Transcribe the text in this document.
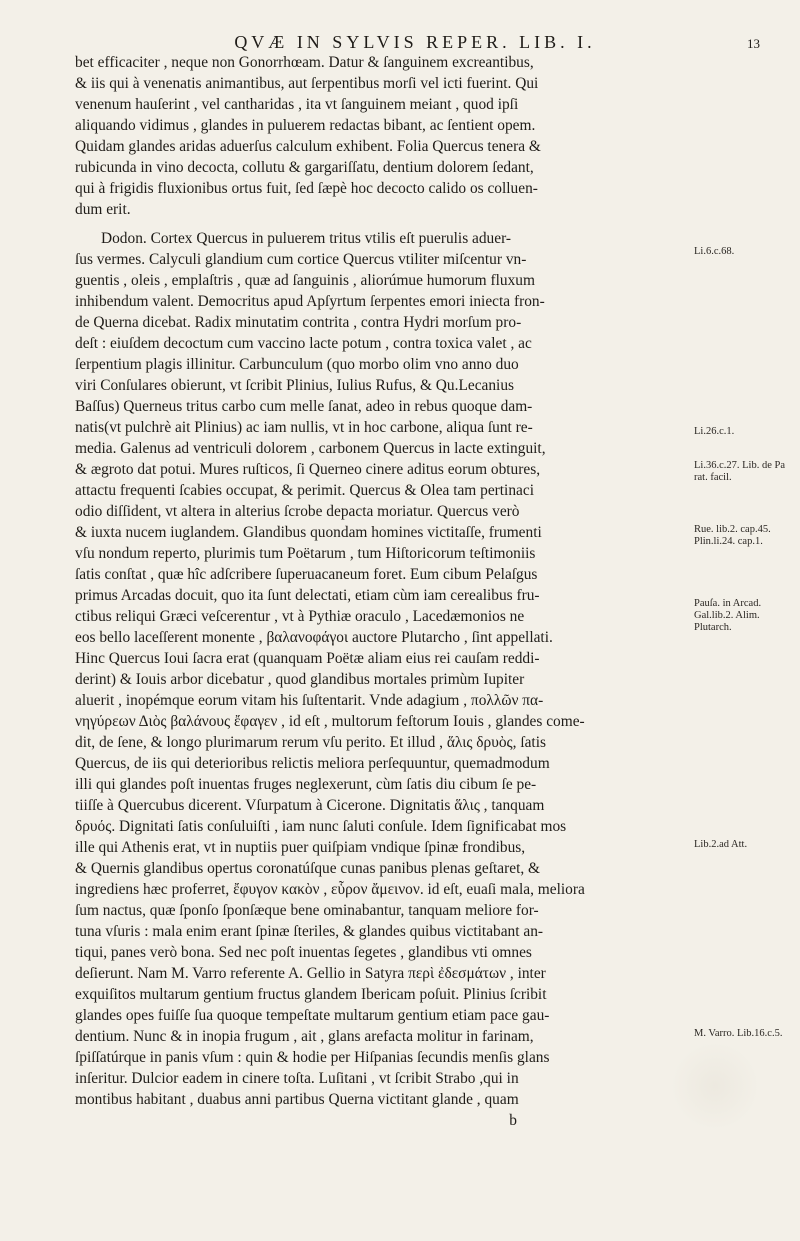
QVÆ IN SYLVIS REPER. LIB. I.	13
bet efficaciter , neque non Gonorrhœam. Datur & ſanguinem excreantibus,
& iis qui à venenatis animantibus, aut ſerpentibus morſi vel icti fuerint. Qui
venenum hauſerint , vel cantharidas , ita vt ſanguinem meiant , quod ipſi
aliquando vidimus , glandes in puluerem redactas bibant, ac ſentient opem.
Quidam glandes aridas aduerſus calculum exhibent. Folia Quercus tenera &
rubicunda in vino decocta, collutu & gargariſſatu, dentium dolorem ſedant,
qui à frigidis fluxionibus ortus fuit, ſed ſæpè hoc decocto calido os colluen-
dum erit.
Dodon. Cortex Quercus in puluerem tritus vtilis eſt puerulis aduer-
ſus vermes. Calyculi glandium cum cortice Quercus vtiliter miſcentur vn-
guentis , oleis , emplaſtris , quæ ad ſanguinis , aliorúmue humorum fluxum
inhibendum valent. Democritus apud Apſyrtum ſerpentes emori iniecta fron-
de Querna dicebat. Radix minutatim contrita , contra Hydri morſum pro-
deſt : eiuſdem decoctum cum vaccino lacte potum , contra toxica valet , ac
ſerpentium plagis illinitur. Carbunculum (quo morbo olim vno anno duo
viri Conſulares obierunt, vt ſcribit Plinius, Iulius Rufus, & Qu.Lecanius
Baſſus) Querneus tritus carbo cum melle ſanat, adeo in rebus quoque dam-
natis(vt pulchrè ait Plinius) ac iam nullis, vt in hoc carbone, aliqua ſunt re-
media. Galenus ad ventriculi dolorem , carbonem Quercus in lacte extinguit,
& ægroto dat potui. Mures ruſticos, ſi Querneo cinere aditus eorum obtures,
attactu frequenti ſcabies occupat, & perimit. Quercus & Olea tam pertinaci
odio diſſident, vt altera in alterius ſcrobe depacta moriatur. Quercus verò
& iuxta nucem iuglandem. Glandibus quondam homines victitaſſe, frumenti
vſu nondum reperto, plurimis tum Poëtarum , tum Hiſtoricorum teſtimoniis
ſatis conſtat , quæ hîc adſcribere ſuperuacaneum foret. Eum cibum Pelaſgus
primus Arcadas docuit, quo ita ſunt delectati, etiam cùm iam cerealibus fru-
ctibus reliqui Græci veſcerentur , vt à Pythiæ oraculo , Lacedæmonios ne
eos bello laceſſerent monente , βαλανοφάγοι auctore Plutarcho , ſint appellati.
Hinc Quercus Ioui ſacra erat (quanquam Poëtæ aliam eius rei cauſam reddi-
derint) & Iouis arbor dicebatur , quod glandibus mortales primùm Iupiter
aluerit , inopémque eorum vitam his ſuſtentarit. Vnde adagium , πολλῶν πα-
νηγύρεων Διὸς βαλάνους ἔφαγεν , id eſt , multorum feſtorum Iouis , glandes come-
dit, de ſene, & longo plurimarum rerum vſu perito. Et illud , ἅλις δρυὸς, ſatis
Quercus, de iis qui deterioribus relictis meliora perſequuntur, quemadmodum
illi qui glandes poſt inuentas fruges neglexerunt, cùm ſatis diu cibum ſe pe-
tiiſſe à Quercubus dicerent. Vſurpatum à Cicerone. Dignitatis ἅλις , tanquam
δρυός. Dignitati ſatis conſuluiſti , iam nunc ſaluti conſule. Idem ſignificabat mos
ille qui Athenis erat, vt in nuptiis puer quiſpiam vndique ſpinæ frondibus,
& Quernis glandibus opertus coronatúſque cunas panibus plenas geſtaret, &
ingrediens hæc proferret, ἔφυγον κακὸν , εὗρον ἄμεινον. id eſt, euaſi mala, meliora
ſum nactus, quæ ſponſo ſponſæque bene ominabantur, tanquam meliore for-
tuna vſuris : mala enim erant ſpinæ ſteriles, & glandes quibus victitabant an-
tiqui, panes verò bona. Sed nec poſt inuentas ſegetes , glandibus vti omnes
deſierunt. Nam M. Varro referente A. Gellio in Satyra περὶ ἐδεσμάτων , inter
exquiſitos multarum gentium fructus glandem Ibericam poſuit. Plinius ſcribit
glandes opes fuiſſe ſua quoque tempeſtate multarum gentium etiam pace gau-
dentium. Nunc & in inopia frugum , ait , glans arefacta molitur in farinam,
ſpiſſatúrque in panis vſum : quin & hodie per Hiſpanias ſecundis menſis glans
inſeritur. Dulcior eadem in cinere toſta. Luſitani , vt ſcribit Strabo ,qui in
montibus habitant , duabus anni partibus Querna victitant glande , quam
b
Li.6.c.68.
Li.26.c.1.
Li.36.c.27. Lib. de Pa rat. facil.
Rue. lib.2. cap.45. Plin.li.24. cap.1.
Pauſa. in Arcad. Gal.lib.2. Alim. Plutarch.
Lib.2.ad Att.
M. Varro. Lib.16.c.5.
